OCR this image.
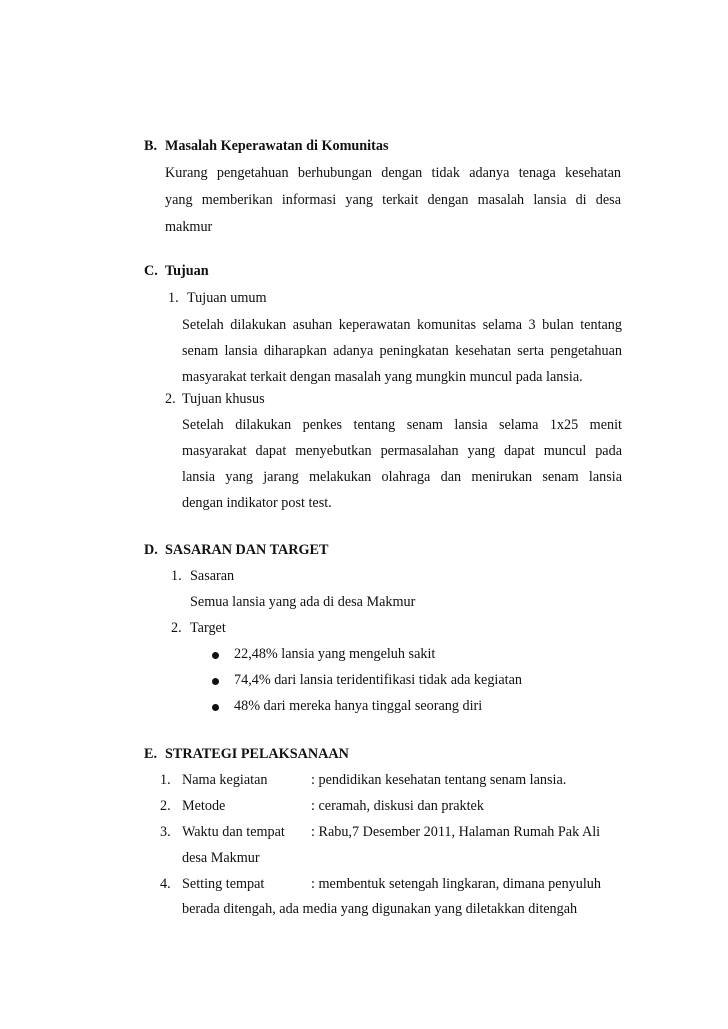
B. Masalah Keperawatan di Komunitas
Kurang pengetahuan berhubungan dengan tidak adanya tenaga kesehatan
yang memberikan informasi yang terkait dengan masalah lansia di desa
makmur
C. Tujuan
1. Tujuan umum
Setelah dilakukan asuhan keperawatan komunitas selama 3 bulan tentang
senam lansia diharapkan adanya peningkatan kesehatan serta pengetahuan
masyarakat terkait dengan masalah yang mungkin muncul pada lansia.
2. Tujuan khusus
Setelah dilakukan penkes tentang senam lansia selama 1x25 menit
masyarakat dapat menyebutkan permasalahan yang dapat muncul pada
lansia yang jarang melakukan olahraga dan menirukan senam lansia
dengan indikator post test.
D. SASARAN DAN TARGET
1. Sasaran
Semua lansia yang ada di desa Makmur
2. Target
22,48% lansia yang mengeluh sakit
74,4% dari lansia teridentifikasi tidak ada kegiatan
48% dari mereka hanya tinggal seorang diri
E. STRATEGI PELAKSANAAN
1. Nama kegiatan	: pendidikan kesehatan tentang senam lansia.
2. Metode	: ceramah, diskusi dan praktek
3. Waktu dan tempat : Rabu,7 Desember 2011, Halaman Rumah Pak Ali
desa Makmur
4. Setting tempat	: membentuk setengah lingkaran, dimana penyuluh
berada ditengah, ada media yang digunakan yang diletakkan ditengah
